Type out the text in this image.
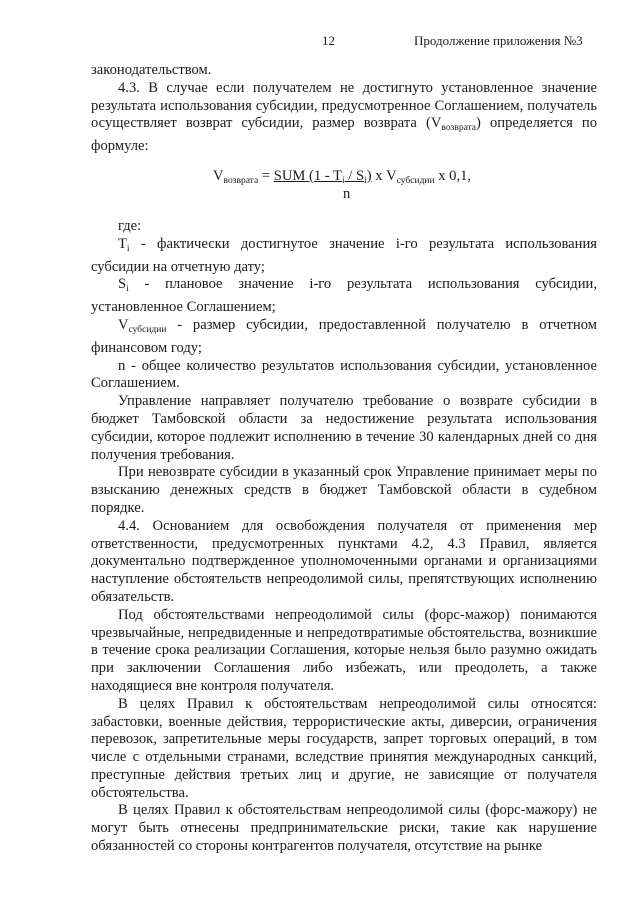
12	Продолжение приложения №3

законодательством.

4.3. В случае если получателем не достигнуто установленное значение результата использования субсидии, предусмотренное Соглашением, получатель осуществляет возврат субсидии, размер возврата $(V_{возврата})$ определяется по формуле:

$V_{возврата}$ = SUM $(1 - T_i / S_i)$ х $V_{субсидии}$ х 0,1,
n

где:

$T_i$ - фактически достигнутое значение i-го результата использования субсидии на отчетную дату;

$S_i$ - плановое значение i-го результата использования субсидии, установленное Соглашением;

$V_{субсидии}$ - размер субсидии, предоставленной получателю в отчетном финансовом году;

n - общее количество результатов использования субсидии, установленное Соглашением.

Управление направляет получателю требование о возврате субсидии в бюджет Тамбовской области за недостижение результата использования субсидии, которое подлежит исполнению в течение 30 календарных дней со дня получения требования.

При невозврате субсидии в указанный срок Управление принимает меры по взысканию денежных средств в бюджет Тамбовской области в судебном порядке.

4.4. Основанием для освобождения получателя от применения мер ответственности, предусмотренных пунктами 4.2, 4.3 Правил, является документально подтвержденное уполномоченными органами и организациями наступление обстоятельств непреодолимой силы, препятствующих исполнению обязательств.

Под обстоятельствами непреодолимой силы (форс-мажор) понимаются чрезвычайные, непредвиденные и непредотвратимые обстоятельства, возникшие в течение срока реализации Соглашения, которые нельзя было разумно ожидать при заключении Соглашения либо избежать, или преодолеть, а также находящиеся вне контроля получателя.

В целях Правил к обстоятельствам непреодолимой силы относятся: забастовки, военные действия, террористические акты, диверсии, ограничения перевозок, запретительные меры государств, запрет торговых операций, в том числе с отдельными странами, вследствие принятия международных санкций, преступные действия третьих лиц и другие, не зависящие от получателя обстоятельства.

В целях Правил к обстоятельствам непреодолимой силы (форс-мажору) не могут быть отнесены предпринимательские риски, такие как нарушение обязанностей со стороны контрагентов получателя, отсутствие на рынке
